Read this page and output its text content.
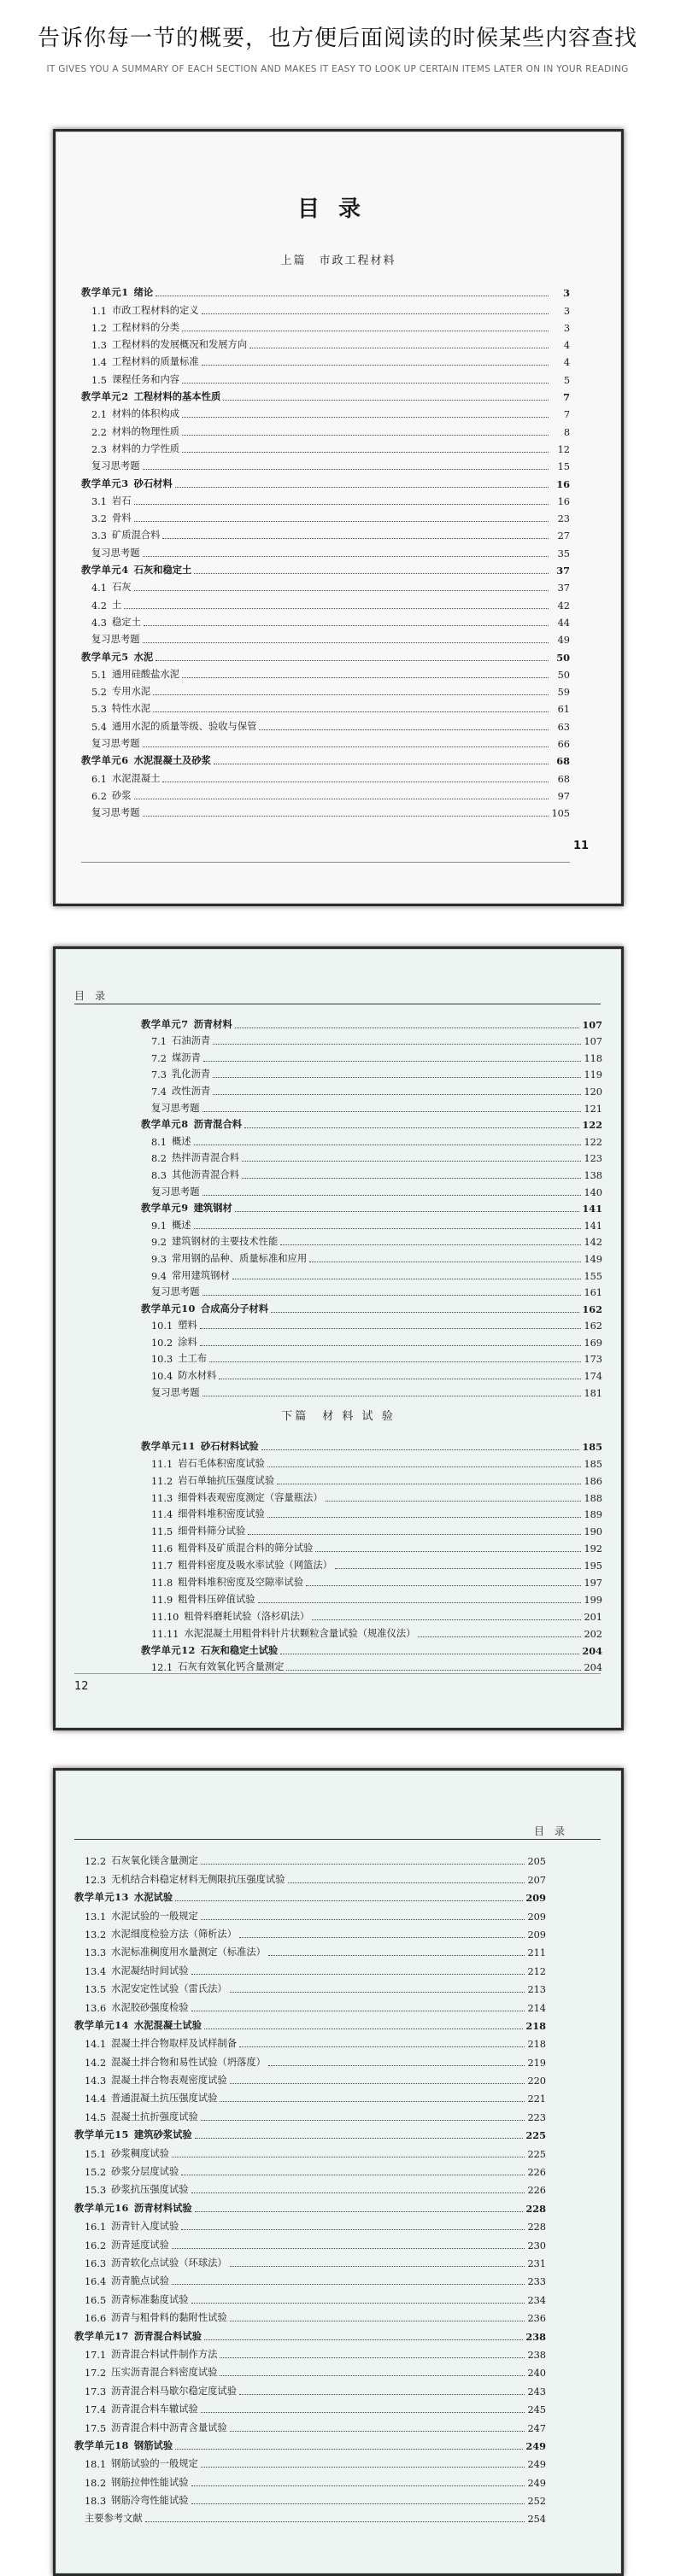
告诉你每一节的概要，也方便后面阅读的时候某些内容查找
IT GIVES YOU A SUMMARY OF EACH SECTION AND MAKES IT EASY TO LOOK UP CERTAIN ITEMS LATER ON IN YOUR READING
目录
上篇　市政工程材料
教学单元1 绪论	3
1.1 市政工程材料的定义	3
1.2 工程材料的分类	3
1.3 工程材料的发展概况和发展方向	4
1.4 工程材料的质量标准	4
1.5 课程任务和内容	5
教学单元2 工程材料的基本性质	7
2.1 材料的体积构成	7
2.2 材料的物理性质	8
2.3 材料的力学性质	12
复习思考题	15
教学单元3 砂石材料	16
3.1 岩石	16
3.2 骨料	23
3.3 矿质混合料	27
复习思考题	35
教学单元4 石灰和稳定土	37
4.1 石灰	37
4.2 土	42
4.3 稳定土	44
复习思考题	49
教学单元5 水泥	50
5.1 通用硅酸盐水泥	50
5.2 专用水泥	59
5.3 特性水泥	61
5.4 通用水泥的质量等级、验收与保管	63
复习思考题	66
教学单元6 水泥混凝土及砂浆	68
6.1 水泥混凝土	68
6.2 砂浆	97
复习思考题	105
11
目　录
教学单元7 沥青材料	107
7.1 石油沥青	107
7.2 煤沥青	118
7.3 乳化沥青	119
7.4 改性沥青	120
复习思考题	121
教学单元8 沥青混合料	122
8.1 概述	122
8.2 热拌沥青混合料	123
8.3 其他沥青混合料	138
复习思考题	140
教学单元9 建筑钢材	141
9.1 概述	141
9.2 建筑钢材的主要技术性能	142
9.3 常用钢的品种、质量标准和应用	149
9.4 常用建筑钢材	155
复习思考题	161
教学单元10 合成高分子材料	162
10.1 塑料	162
10.2 涂料	169
10.3 土工布	173
10.4 防水材料	174
复习思考题	181
下篇　材 料 试 验
教学单元11 砂石材料试验	185
11.1 岩石毛体积密度试验	185
11.2 岩石单轴抗压强度试验	186
11.3 细骨料表观密度测定（容量瓶法）	188
11.4 细骨料堆积密度试验	189
11.5 细骨料筛分试验	190
11.6 粗骨料及矿质混合料的筛分试验	192
11.7 粗骨料密度及吸水率试验（网篮法）	195
11.8 粗骨料堆积密度及空隙率试验	197
11.9 粗骨料压碎值试验	199
11.10 粗骨料磨耗试验（洛杉矶法）	201
11.11 水泥混凝土用粗骨料针片状颗粒含量试验（规准仪法）	202
教学单元12 石灰和稳定土试验	204
12.1 石灰有效氧化钙含量测定	204
12
目　录
12.2 石灰氧化镁含量测定	205
12.3 无机结合料稳定材料无侧限抗压强度试验	207
教学单元13 水泥试验	209
13.1 水泥试验的一般规定	209
13.2 水泥细度检验方法（筛析法）	209
13.3 水泥标准稠度用水量测定（标准法）	211
13.4 水泥凝结时间试验	212
13.5 水泥安定性试验（雷氏法）	213
13.6 水泥胶砂强度检验	214
教学单元14 水泥混凝土试验	218
14.1 混凝土拌合物取样及试样制备	218
14.2 混凝土拌合物和易性试验（坍落度）	219
14.3 混凝土拌合物表观密度试验	220
14.4 普通混凝土抗压强度试验	221
14.5 混凝土抗折强度试验	223
教学单元15 建筑砂浆试验	225
15.1 砂浆稠度试验	225
15.2 砂浆分层度试验	226
15.3 砂浆抗压强度试验	226
教学单元16 沥青材料试验	228
16.1 沥青针入度试验	228
16.2 沥青延度试验	230
16.3 沥青软化点试验（环球法）	231
16.4 沥青脆点试验	233
16.5 沥青标准黏度试验	234
16.6 沥青与粗骨料的黏附性试验	236
教学单元17 沥青混合料试验	238
17.1 沥青混合料试件制作方法	238
17.2 压实沥青混合料密度试验	240
17.3 沥青混合料马歇尔稳定度试验	243
17.4 沥青混合料车辙试验	245
17.5 沥青混合料中沥青含量试验	247
教学单元18 钢筋试验	249
18.1 钢筋试验的一般规定	249
18.2 钢筋拉伸性能试验	249
18.3 钢筋冷弯性能试验	252
主要参考文献	254
